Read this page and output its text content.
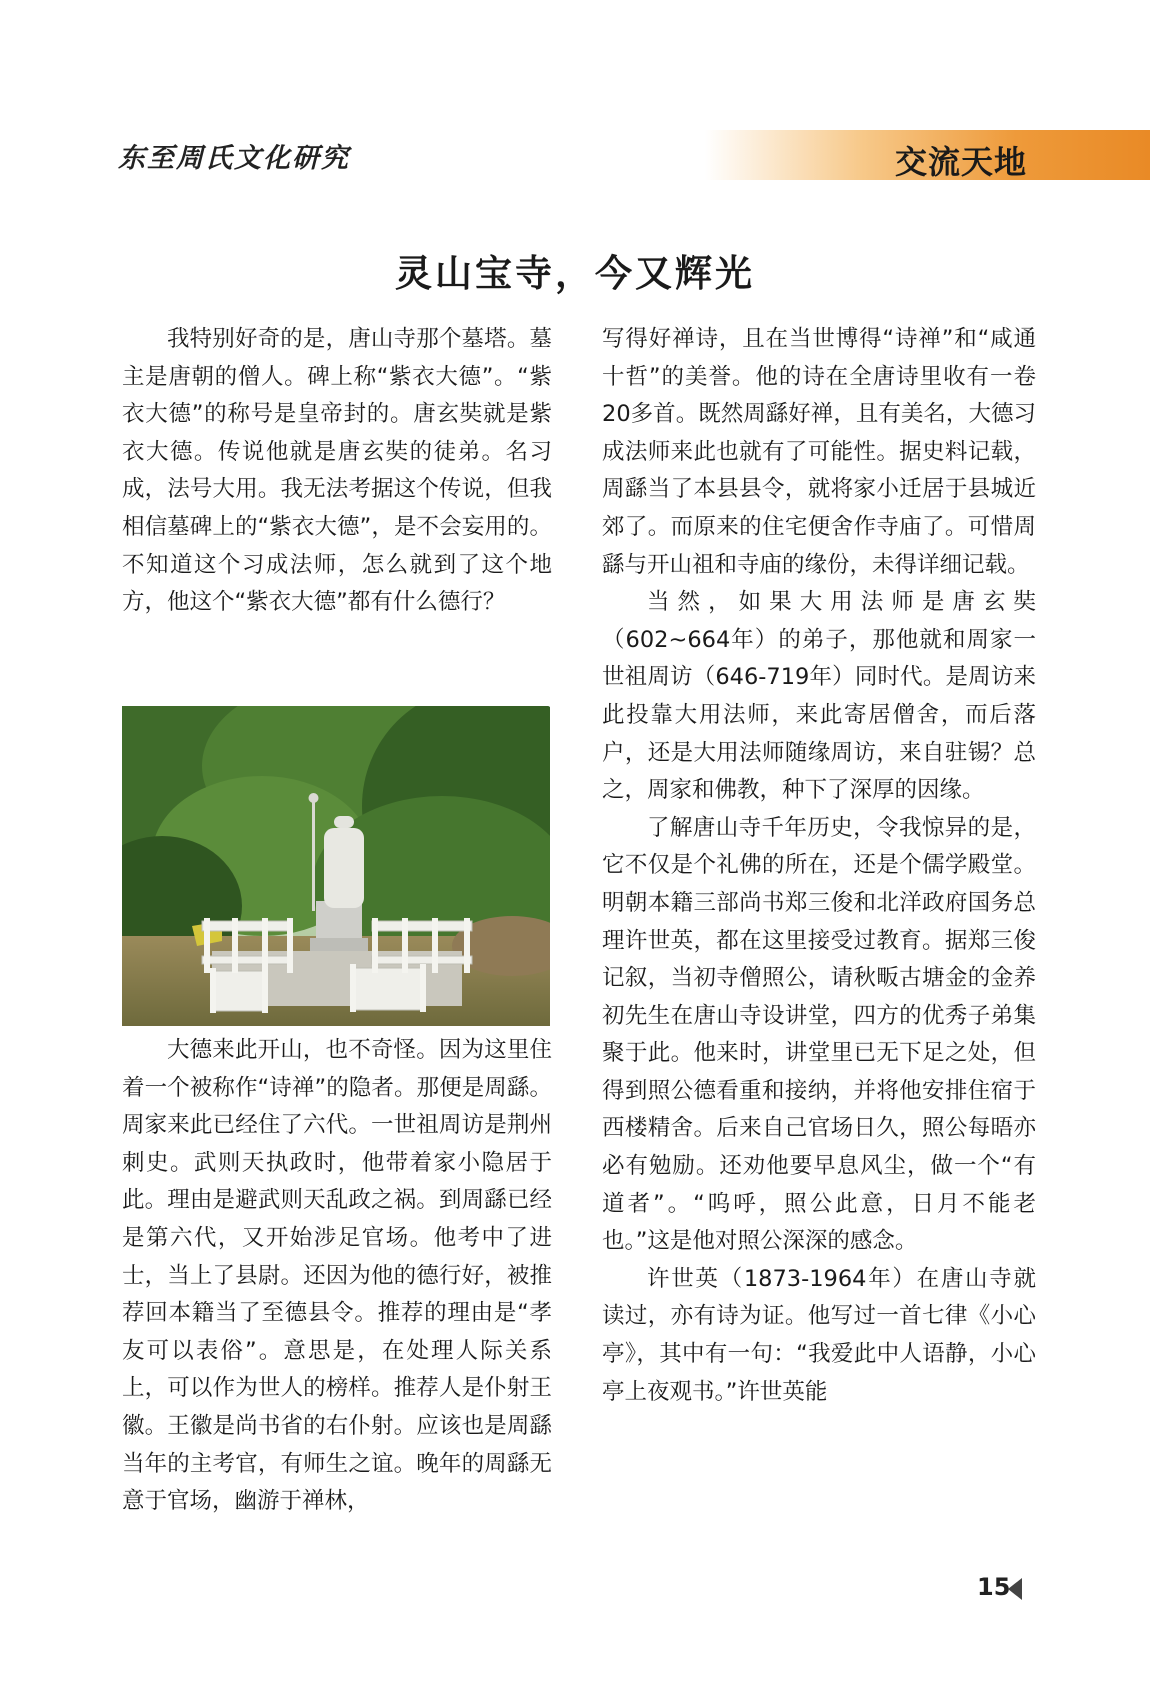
东至周氏文化研究	交流天地
灵山宝寺，今又辉光

我特别好奇的是，唐山寺那个墓塔。墓主是唐朝的僧人。碑上称“紫衣大德”。“紫衣大德”的称号是皇帝封的。唐玄奘就是紫衣大德。传说他就是唐玄奘的徒弟。名习成，法号大用。我无法考据这个传说，但我相信墓碑上的“紫衣大德”，是不会妄用的。不知道这个习成法师，怎么就到了这个地方，他这个“紫衣大德”都有什么德行？

大德来此开山，也不奇怪。因为这里住着一个被称作“诗禅”的隐者。那便是周繇。周家来此已经住了六代。一世祖周访是荆州刺史。武则天执政时，他带着家小隐居于此。理由是避武则天乱政之祸。到周繇已经是第六代，又开始涉足官场。他考中了进士，当上了县尉。还因为他的德行好，被推荐回本籍当了至德县令。推荐的理由是“孝友可以表俗”。意思是，在处理人际关系上，可以作为世人的榜样。推荐人是仆射王徽。王徽是尚书省的右仆射。应该也是周繇当年的主考官，有师生之谊。晚年的周繇无意于官场，幽游于禅林，

写得好禅诗，且在当世博得“诗禅”和“咸通十哲”的美誉。他的诗在全唐诗里收有一卷20多首。既然周繇好禅，且有美名，大德习成法师来此也就有了可能性。据史料记载，周繇当了本县县令，就将家小迁居于县城近郊了。而原来的住宅便舍作寺庙了。可惜周繇与开山祖和寺庙的缘份，未得详细记载。

当然，如果大用法师是唐玄奘（602~664年）的弟子，那他就和周家一世祖周访（646-719年）同时代。是周访来此投靠大用法师，来此寄居僧舍，而后落户，还是大用法师随缘周访，来自驻锡？总之，周家和佛教，种下了深厚的因缘。

了解唐山寺千年历史，令我惊异的是，它不仅是个礼佛的所在，还是个儒学殿堂。明朝本籍三部尚书郑三俊和北洋政府国务总理许世英，都在这里接受过教育。据郑三俊记叙，当初寺僧照公，请秋畈古塘金的金养初先生在唐山寺设讲堂，四方的优秀子弟集聚于此。他来时，讲堂里已无下足之处，但得到照公德看重和接纳，并将他安排住宿于西楼精舍。后来自己官场日久，照公每晤亦必有勉励。还劝他要早息风尘，做一个“有道者”。“呜呼，照公此意，日月不能老也。”这是他对照公深深的感念。

许世英（1873-1964年）在唐山寺就读过，亦有诗为证。他写过一首七律《小心亭》，其中有一句：“我爱此中人语静，小心亭上夜观书。”许世英能

15
